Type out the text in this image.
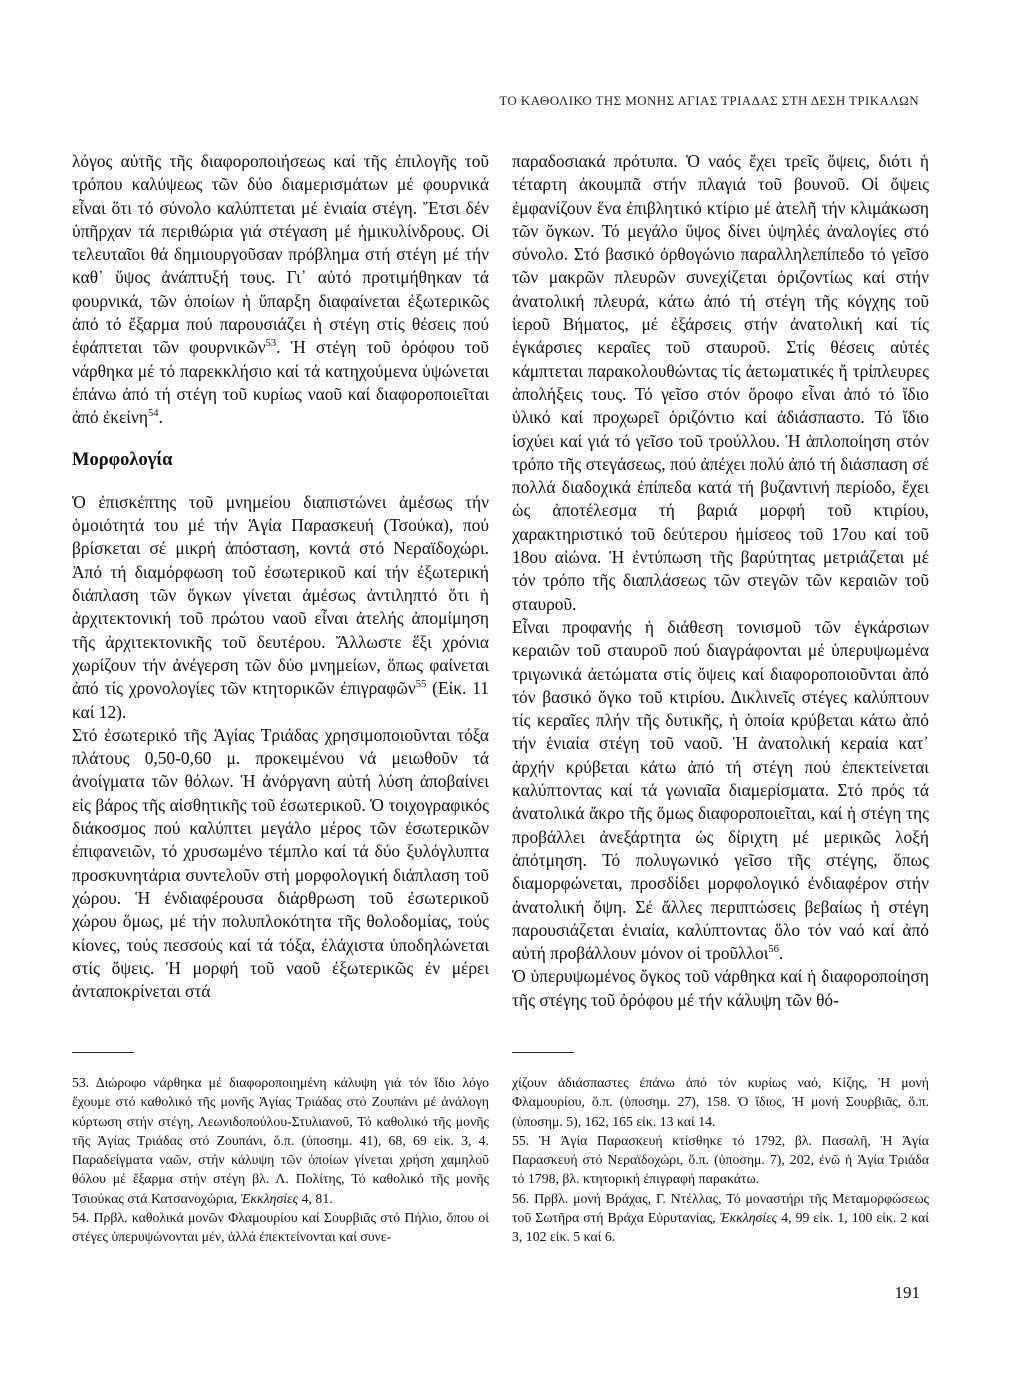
ΤΟ ΚΑΘΟΛΙΚΟ ΤΗΣ ΜΟΝΗΣ ΑΓΙΑΣ ΤΡΙΑΔΑΣ ΣΤΗ ΔΕΣΗ ΤΡΙΚΑΛΩΝ

λόγος αὐτῆς τῆς διαφοροποιήσεως καί τῆς ἐπιλογῆς τοῦ τρόπου καλύψεως τῶν δύο διαμερισμάτων μέ φουρνικά εἶναι ὅτι τό σύνολο καλύπτεται μέ ἑνιαία στέγη. Ἔτσι δέν ὑπῆρχαν τά περιθώρια γιά στέγαση μέ ἡμικυλίνδρους. Οἱ τελευταῖοι θά δημιουργοῦσαν πρόβλημα στή στέγη μέ τήν καθ᾽ ὕψος ἀνάπτυξή τους. Γι᾽ αὐτό προτιμήθηκαν τά φουρνικά, τῶν ὁποίων ἡ ὕπαρξη διαφαίνεται ἐξωτερικῶς ἀπό τό ἔξαρμα πού παρουσιάζει ἡ στέγη στίς θέσεις πού ἐφάπτεται τῶν φουρνικῶν$^{53}$. Ἡ στέγη τοῦ ὀρόφου τοῦ νάρθηκα μέ τό παρεκκλήσιο καί τά κατηχούμενα ὑψώνεται ἐπάνω ἀπό τή στέγη τοῦ κυρίως ναοῦ καί διαφοροποιεῖται ἀπό ἐκείνη$^{54}$.

Μορφολογία

Ὁ ἐπισκέπτης τοῦ μνημείου διαπιστώνει ἀμέσως τήν ὁμοιότητά του μέ τήν Ἁγία Παρασκευή (Τσούκα), πού βρίσκεται σέ μικρή ἀπόσταση, κοντά στό Νεραϊδοχώρι. Ἀπό τή διαμόρφωση τοῦ ἐσωτερικοῦ καί τήν ἐξωτερική διάπλαση τῶν ὄγκων γίνεται ἀμέσως ἀντιληπτό ὅτι ἡ ἀρχιτεκτονική τοῦ πρώτου ναοῦ εἶναι ἀτελής ἀπομίμηση τῆς ἀρχιτεκτονικῆς τοῦ δευτέρου. Ἄλλωστε ἕξι χρόνια χωρίζουν τήν ἀνέγερση τῶν δύο μνημείων, ὅπως φαίνεται ἀπό τίς χρονολογίες τῶν κτητορικῶν ἐπιγραφῶν$^{55}$ (Εἰκ. 11 καί 12).

Στό ἐσωτερικό τῆς Ἁγίας Τριάδας χρησιμοποιοῦνται τόξα πλάτους 0,50-0,60 μ. προκειμένου νά μειωθοῦν τά ἀνοίγματα τῶν θόλων. Ἡ ἀνόργανη αὐτή λύση ἀποβαίνει εἰς βάρος τῆς αἰσθητικῆς τοῦ ἐσωτερικοῦ. Ὁ τοιχογραφικός διάκοσμος πού καλύπτει μεγάλο μέρος τῶν ἐσωτερικῶν ἐπιφανειῶν, τό χρυσωμένο τέμπλο καί τά δύο ξυλόγλυπτα προσκυνητάρια συντελοῦν στή μορφολογική διάπλαση τοῦ χώρου. Ἡ ἐνδιαφέρουσα διάρθρωση τοῦ ἐσωτερικοῦ χώρου ὅμως, μέ τήν πολυπλοκότητα τῆς θολοδομίας, τούς κίονες, τούς πεσσούς καί τά τόξα, ἐλάχιστα ὑποδηλώνεται στίς ὄψεις. Ἡ μορφή τοῦ ναοῦ ἐξωτερικῶς ἐν μέρει ἀνταποκρίνεται στά

παραδοσιακά πρότυπα. Ὁ ναός ἔχει τρεῖς ὄψεις, διότι ἡ τέταρτη ἀκουμπᾶ στήν πλαγιά τοῦ βουνοῦ. Οἱ ὄψεις ἐμφανίζουν ἕνα ἐπιβλητικό κτίριο μέ ἀτελῆ τήν κλιμάκωση τῶν ὄγκων. Τό μεγάλο ὕψος δίνει ὑψηλές ἀναλογίες στό σύνολο. Στό βασικό ὀρθογώνιο παραλληλεπίπεδο τό γεῖσο τῶν μακρῶν πλευρῶν συνεχίζεται ὁριζοντίως καί στήν ἀνατολική πλευρά, κάτω ἀπό τή στέγη τῆς κόγχης τοῦ ἱεροῦ Βήματος, μέ ἐξάρσεις στήν ἀνατολική καί τίς ἐγκάρσιες κεραῖες τοῦ σταυροῦ. Στίς θέσεις αὐτές κάμπτεται παρακολουθώντας τίς ἀετωματικές ἤ τρίπλευρες ἀπολήξεις τους. Τό γεῖσο στόν ὄροφο εἶναι ἀπό τό ἴδιο ὑλικό καί προχωρεῖ ὁριζόντιο καί ἀδιάσπαστο. Τό ἴδιο ἰσχύει καί γιά τό γεῖσο τοῦ τρούλλου. Ἡ ἁπλοποίηση στόν τρόπο τῆς στεγάσεως, πού ἀπέχει πολύ ἀπό τή διάσπαση σέ πολλά διαδοχικά ἐπίπεδα κατά τή βυζαντινή περίοδο, ἔχει ὡς ἀποτέλεσμα τή βαριά μορφή τοῦ κτιρίου, χαρακτηριστικό τοῦ δεύτερου ἡμίσεος τοῦ 17ου καί τοῦ 18ου αἰώνα. Ἡ ἐντύπωση τῆς βαρύτητας μετριάζεται μέ τόν τρόπο τῆς διαπλάσεως τῶν στεγῶν τῶν κεραιῶν τοῦ σταυροῦ.

Εἶναι προφανής ἡ διάθεση τονισμοῦ τῶν ἐγκάρσιων κεραιῶν τοῦ σταυροῦ πού διαγράφονται μέ ὑπερυψωμένα τριγωνικά ἀετώματα στίς ὄψεις καί διαφοροποιοῦνται ἀπό τόν βασικό ὄγκο τοῦ κτιρίου. Δικλινεῖς στέγες καλύπτουν τίς κεραῖες πλήν τῆς δυτικῆς, ἡ ὁποία κρύβεται κάτω ἀπό τήν ἑνιαία στέγη τοῦ ναοῦ. Ἡ ἀνατολική κεραία κατ᾽ ἀρχήν κρύβεται κάτω ἀπό τή στέγη πού ἐπεκτείνεται καλύπτοντας καί τά γωνιαῖα διαμερίσματα. Στό πρός τά ἀνατολικά ἄκρο τῆς ὅμως διαφοροποιεῖται, καί ἡ στέγη της προβάλλει ἀνεξάρτητα ὡς δίριχτη μέ μερικῶς λοξή ἀπότμηση. Τό πολυγωνικό γεῖσο τῆς στέγης, ὅπως διαμορφώνεται, προσδίδει μορφολογικό ἐνδιαφέρον στήν ἀνατολική ὄψη. Σέ ἄλλες περιπτώσεις βεβαίως ἡ στέγη παρουσιάζεται ἑνιαία, καλύπτοντας ὅλο τόν ναό καί ἀπό αὐτή προβάλλουν μόνον οἱ τροῦλλοι$^{56}$.

Ὁ ὑπερυψωμένος ὄγκος τοῦ νάρθηκα καί ἡ διαφοροποίηση τῆς στέγης τοῦ ὀρόφου μέ τήν κάλυψη τῶν θό-

53. Διώροφο νάρθηκα μέ διαφοροποιημένη κάλυψη γιά τόν ἴδιο λόγο ἔχουμε στό καθολικό τῆς μονῆς Ἁγίας Τριάδας στό Ζουπάνι μέ ἀνάλογη κύρτωση στήν στέγη, Λεωνιδοπούλου-Στυλιανοῦ, Τό καθολικό τῆς μονῆς τῆς Ἁγίας Τριάδας στό Ζουπάνι, ὅ.π. (ὑποσημ. 41), 68, 69 εἰκ. 3, 4. Παραδείγματα ναῶν, στήν κάλυψη τῶν ὁποίων γίνεται χρήση χαμηλοῦ θόλου μέ ἔξαρμα στήν στέγη βλ. Λ. Πολίτης, Τό καθολικό τῆς μονῆς Τσιούκας στά Κατσανοχώρια, Ἐκκλησίες 4, 81.

54. Πρβλ. καθολικά μονῶν Φλαμουρίου καί Σουρβιᾶς στό Πήλιο, ὅπου οἱ στέγες ὑπερυψώνονται μέν, ἀλλά ἐπεκτείνονται καί συνε-

χίζουν ἀδιάσπαστες ἐπάνω ἀπό τόν κυρίως ναό, Κίζης, Ἡ μονή Φλαμουρίου, ὅ.π. (ὑποσημ. 27), 158. Ὁ ἴδιος, Ἡ μονή Σουρβιᾶς, ὅ.π. (ὑποσημ. 5), 162, 165 εἰκ. 13 καί 14.

55. Ἡ Ἁγία Παρασκευή κτίσθηκε τό 1792, βλ. Πασαλῆ, Ἡ Ἁγία Παρασκευή στό Νεραϊδοχώρι, ὅ.π. (ὑποσημ. 7), 202, ἐνῶ ἡ Ἁγία Τριάδα τό 1798, βλ. κτητορική ἐπιγραφή παρακάτω.

56. Πρβλ. μονή Βράχας, Γ. Ντέλλας, Τό μοναστήρι τῆς Μεταμορφώσεως τοῦ Σωτῆρα στή Βράχα Εὐρυτανίας, Ἐκκλησίες 4, 99 εἰκ. 1, 100 εἰκ. 2 καί 3, 102 εἰκ. 5 καί 6.

191
